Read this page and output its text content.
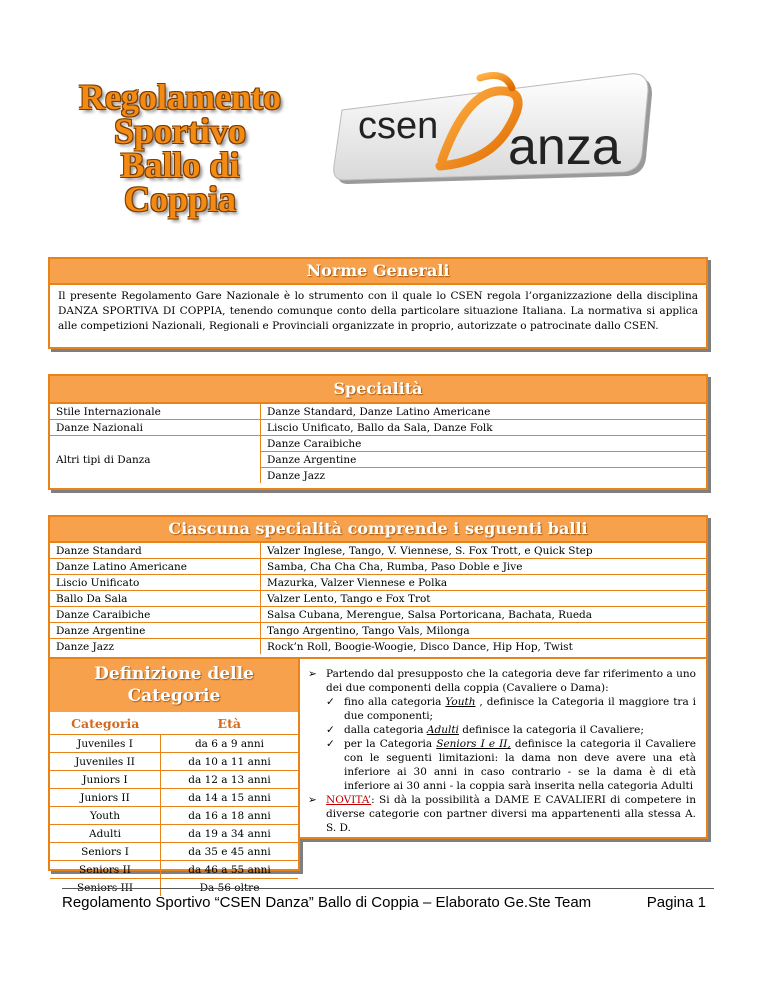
Regolamento
Sportivo
Ballo di Coppia
csen anza
Norme Generali

Il presente Regolamento Gare Nazionale è lo strumento con il quale lo CSEN regola l’organizzazione della disciplina DANZA SPORTIVA DI COPPIA, tenendo comunque conto della particolare situazione Italiana. La normativa si applica alle competizioni Nazionali, Regionali e Provinciali organizzate in proprio, autorizzate o patrocinate dallo CSEN.

Specialità
Stile Internazionale	Danze Standard, Danze Latino Americane
Danze Nazionali	Liscio Unificato, Ballo da Sala, Danze Folk
Altri tipi di Danza	Danze Caraibiche
	Danze Argentine
	Danze Jazz
Ciascuna specialità comprende i seguenti balli
Danze Standard	Valzer Inglese, Tango, V. Viennese, S. Fox Trott, e Quick Step
Danze Latino Americane	Samba, Cha Cha Cha, Rumba, Paso Doble e Jive
Liscio Unificato	Mazurka, Valzer Viennese e Polka
Ballo Da Sala	Valzer Lento, Tango e Fox Trot
Danze Caraibiche	Salsa Cubana, Merengue, Salsa Portoricana, Bachata, Rueda
Danze Argentine	Tango Argentino, Tango Vals, Milonga
Danze Jazz	Rock’n Roll, Boogie-Woogie, Disco Dance, Hip Hop, Twist
Definizione delle
Categorie
Categoria	Età
Juveniles I	da 6 a 9 anni
Juveniles II	da 10 a 11 anni
Juniors I	da 12 a 13 anni
Juniors II	da 14 a 15 anni
Youth	da 16 a 18 anni
Adulti	da 19 a 34 anni
Seniors I	da 35 e 45 anni
Seniors II	da 46 a 55 anni
Seniors III	Da 56 oltre
➢ Partendo dal presupposto che la categoria deve far riferimento a uno dei due componenti della coppia (Cavaliere o Dama):
✓ fino alla categoria Youth , definisce la Categoria il maggiore tra i due componenti;
✓ dalla categoria Adulti definisce la categoria il Cavaliere;
✓ per la Categoria Seniors I e II, definisce la categoria il Cavaliere con le seguenti limitazioni: la dama non deve avere una età inferiore ai 30 anni in caso contrario - se la dama è di età inferiore ai 30 anni - la coppia sarà inserita nella categoria Adulti
➢ NOVITA’: Si dà la possibilità a DAME E CAVALIERI di competere in diverse categorie con partner diversi ma appartenenti alla stessa A. S. D.
Regolamento Sportivo “CSEN Danza” Ballo di Coppia – Elaborato Ge.Ste Team	Pagina 1
